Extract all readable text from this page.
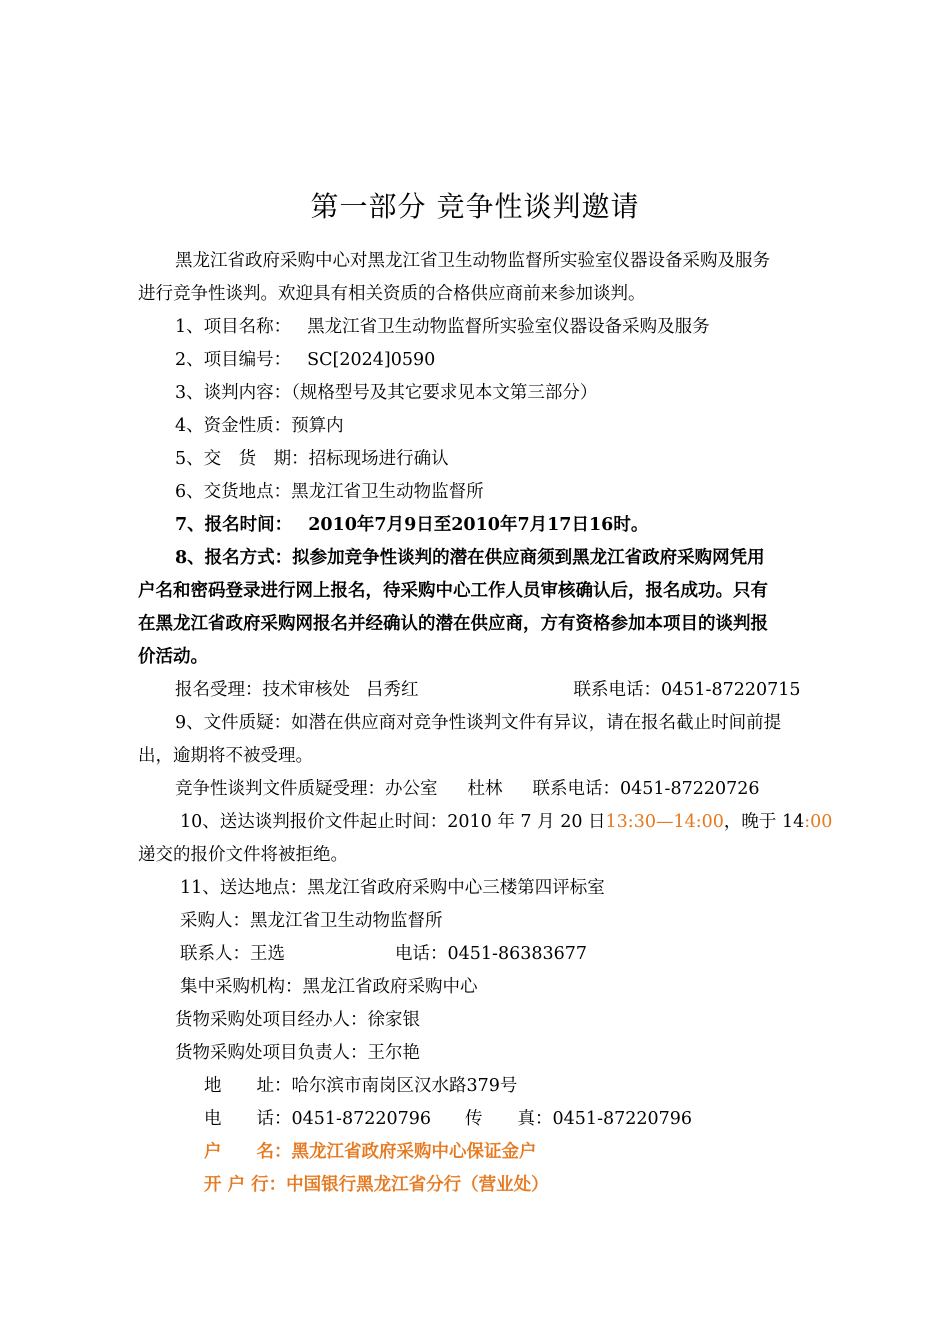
第一部分 竞争性谈判邀请
黑龙江省政府采购中心对黑龙江省卫生动物监督所实验室仪器设备采购及服务
进行竞争性谈判。欢迎具有相关资质的合格供应商前来参加谈判。
1、项目名称： 黑龙江省卫生动物监督所实验室仪器设备采购及服务
2、项目编号： SC[2024]0590
3、谈判内容：（规格型号及其它要求见本文第三部分）
4、资金性质：预算内
5、交　货　期：招标现场进行确认
6、交货地点：黑龙江省卫生动物监督所
7、报名时间： 2010年7月9日至2010年7月17日16时。
8、报名方式：拟参加竞争性谈判的潜在供应商须到黑龙江省政府采购网凭用
户名和密码登录进行网上报名，待采购中心工作人员审核确认后，报名成功。只有
在黑龙江省政府采购网报名并经确认的潜在供应商，方有资格参加本项目的谈判报
价活动。
报名受理：技术审核处 吕秀红	联系电话：0451-87220715
9、文件质疑：如潜在供应商对竞争性谈判文件有异议，请在报名截止时间前提
出，逾期将不被受理。
竞争性谈判文件质疑受理：办公室 杜林 联系电话：0451-87220726
10、送达谈判报价文件起止时间：2010 年 7 月 20 日13:30—14:00，晚于 14:00
递交的报价文件将被拒绝。
11、送达地点：黑龙江省政府采购中心三楼第四评标室
采购人：黑龙江省卫生动物监督所
联系人：王选	电话：0451-86383677
集中采购机构：黑龙江省政府采购中心
货物采购处项目经办人：徐家银
货物采购处项目负责人：王尔艳
地　　址：哈尔滨市南岗区汉水路379号
电　　话：0451-87220796 传　　真：0451-87220796
户　　名：黑龙江省政府采购中心保证金户
开 户 行：中国银行黑龙江省分行（营业处）
